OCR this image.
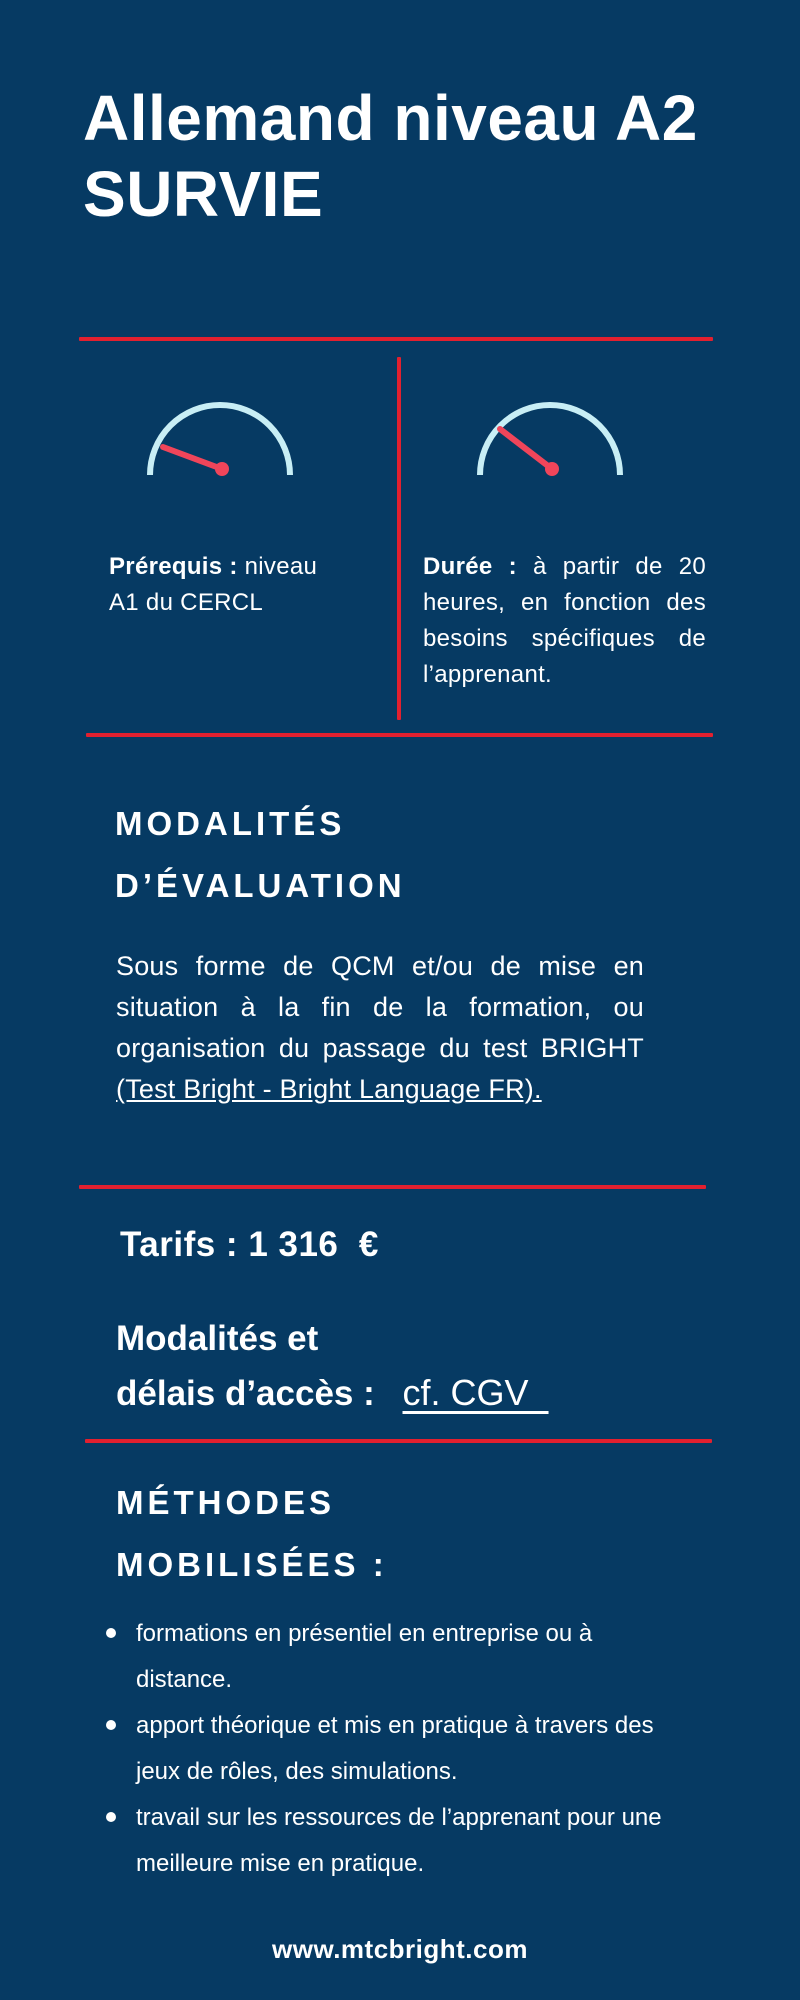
Allemand niveau A2
SURVIE
Prérequis : niveau A1 du CERCL
Durée : à partir de 20 heures, en fonction des besoins spécifiques de l’apprenant.
MODALITÉS
D’ÉVALUATION
Sous forme de QCM et/ou de mise en situation à la fin de la formation, ou organisation du passage du test BRIGHT (Test Bright - Bright Language FR).
Tarifs : 1 316  €
Modalités et
délais d’accès : cf. CGV
MÉTHODES
MOBILISÉES :
formations en présentiel en entreprise ou à distance.
apport théorique et mis en pratique à travers des jeux de rôles, des simulations.
travail sur les ressources de l’apprenant pour une meilleure mise en pratique.
www.mtcbright.com
